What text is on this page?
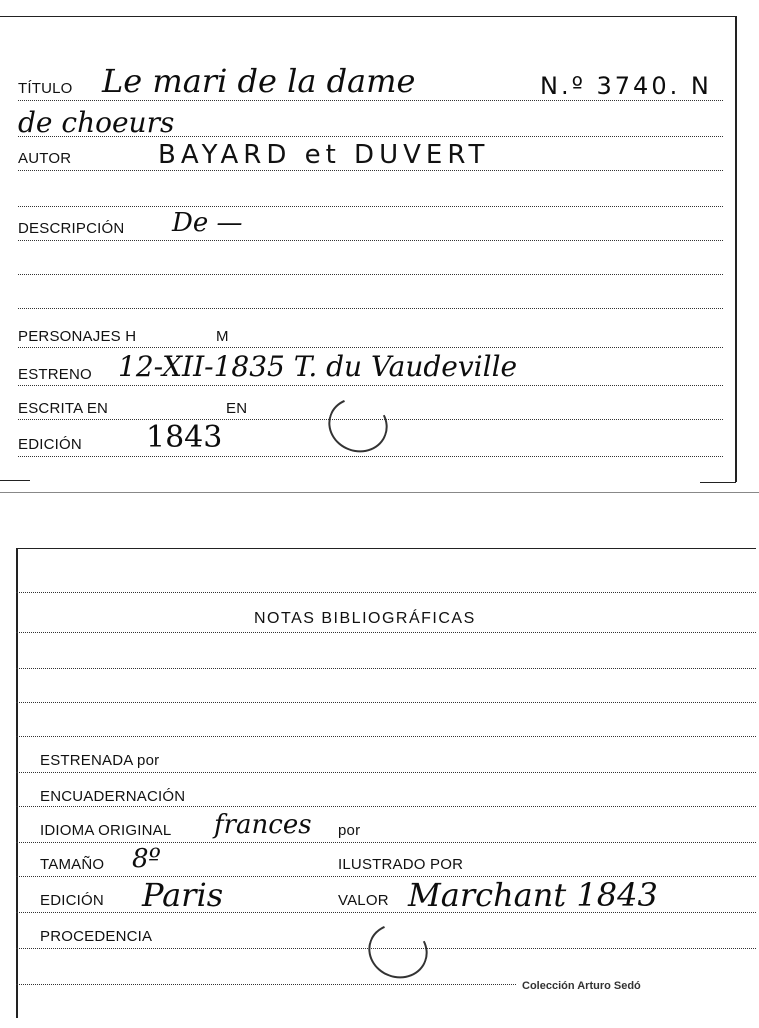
TÍTULO Le mari de la dame	N.º 3740. N
de choeurs
AUTOR	BAYARD et DUVERT
DESCRIPCIÓN De —
PERSONAJES H	M
ESTRENO 12-XII-1835 T. du Vaudeville
ESCRITA EN	EN
EDICIÓN 1843
NOTAS BIBLIOGRÁFICAS
ESTRENADA por
ENCUADERNACIÓN
IDIOMA ORIGINAL frances por
TAMAÑO 8º	ILUSTRADO POR
EDICIÓN Paris	VALOR Marchant 1843
PROCEDENCIA
Colección Arturo Sedó
